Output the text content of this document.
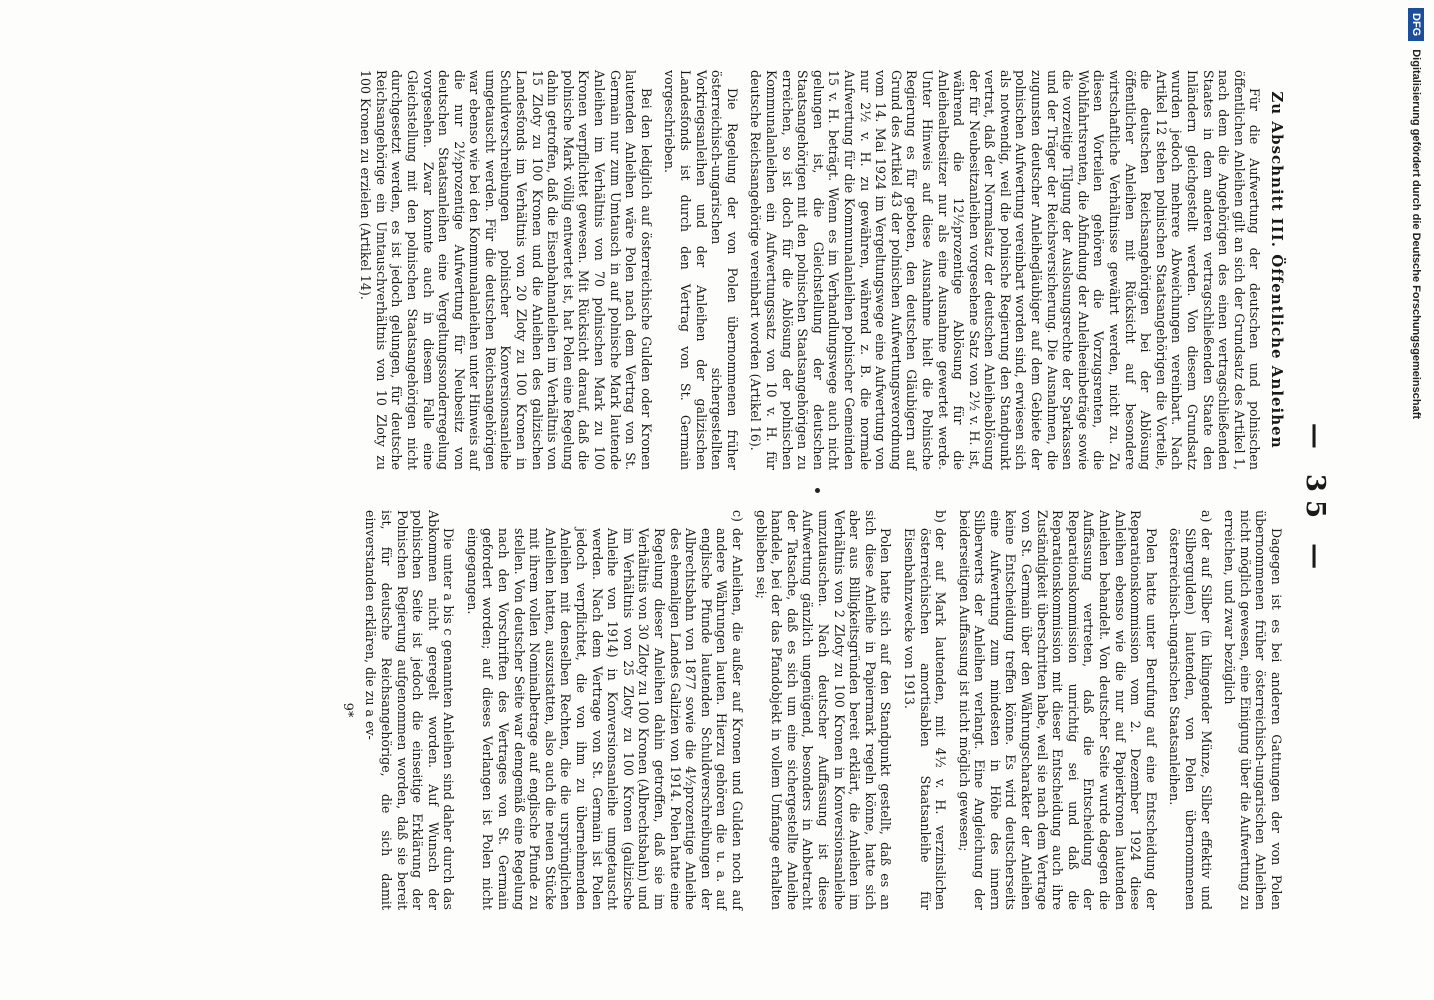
— 35 —
Zu Abschnitt III. Öffentliche Anleihen

Für die Aufwertung der deutschen und polnischen öffentlichen Anleihen gilt an sich der Grundsatz des Artikel 1, nach dem die Angehörigen des einen vertragschließenden Staates in dem anderen vertragschließenden Staate den Inländern gleichgestellt werden. Von diesem Grundsatz wurden jedoch mehrere Abweichungen vereinbart. Nach Artikel 12 stehen polnischen Staatsangehörigen die Vorteile, die deutschen Reichsangehörigen bei der Ablösung öffentlicher Anleihen mit Rücksicht auf besondere wirtschaftliche Verhältnisse gewährt werden, nicht zu. Zu diesen Vorteilen gehören die Vorzugsrenten, die Wohlfahrtsrenten, die Abfindung der Anleiheeinbeträge sowie die vorzeitige Tilgung der Auslosungsrechte der Sparkassen und der Träger der Reichsversicherung. Die Ausnahmen, die zugunsten deutscher Anleihegläubiger auf dem Gebiete der polnischen Aufwertung vereinbart worden sind, erwiesen sich als notwendig, weil die polnische Regierung den Standpunkt vertrat, daß der Normalsatz der deutschen Anleiheablösung der für Neubesitzanleihen vorgesehene Satz von 2½ v. H. ist, während die 12½prozentige Ablösung für die Anleihealtbesitzer nur als eine Ausnahme gewertet werde. Unter Hinweis auf diese Ausnahme hielt die Polnische Regierung es für geboten, den deutschen Gläubigern auf Grund des Artikel 43 der polnischen Aufwertungsverordnung vom 14. Mai 1924 im Vergeltungswege eine Aufwertung von nur 2½ v. H. zu gewähren, während z. B. die normale Aufwertung für die Kommunalanleihen polnischer Gemeinden 15 v. H. beträgt. Wenn es im Verhandlungswege auch nicht gelungen ist, die Gleichstellung der deutschen Staatsangehörigen mit den polnischen Staatsangehörigen zu erreichen, so ist doch für die Ablösung der polnischen Kommunalanleihen ein Aufwertungssatz von 10 v. H. für deutsche Reichsangehörige vereinbart worden (Artikel 16).

Die Regelung der von Polen übernommenen früher österreichisch-ungarischen sichergestellten Vorkriegsanleihen und der Anleihen der galizischen Landesfonds ist durch den Vertrag von St. Germain vorgeschrieben.

Bei den lediglich auf österreichische Gulden oder Kronen lautenden Anleihen wäre Polen nach dem Vertrag von St. Germain nur zum Umtausch in auf polnische Mark lautende Anleihen im Verhältnis von 70 polnischen Mark zu 100 Kronen verpflichtet gewesen. Mit Rücksicht darauf, daß die polnische Mark völlig entwertet ist, hat Polen eine Regelung dahin getroffen, daß die Eisenbahnanleihen im Verhältnis von 15 Zloty zu 100 Kronen und die Anleihen des galizischen Landesfonds im Verhältnis von 20 Zloty zu 100 Kronen in Schuldverschreibungen polnischer Konversionsanleihe umgetauscht werden. Für die deutschen Reichsangehörigen war ebenso wie bei den Kommunalanleihen unter Hinweis auf die nur 2½prozentige Aufwertung für Neubesitz von deutschen Staatsanleihen eine Vergeltungssonderregelung vorgesehen. Zwar konnte auch in diesem Falle eine Gleichstellung mit den polnischen Staatsangehörigen nicht durchgesetzt werden, es ist jedoch gelungen, für deutsche Reichsangehörige ein Umtauschverhältnis von 10 Zloty zu 100 Kronen zu erzielen (Artikel 14).

Dagegen ist es bei anderen Gattungen der von Polen übernommenen früher österreichisch-ungarischen Anleihen nicht möglich gewesen, eine Einigung über die Aufwertung zu erreichen, und zwar bezüglich

a)
der auf Silber (in klingender Münze, Silber effektiv und Silbergulden) lautenden, von Polen übernommenen österreichisch-ungarischen Staatsanleihen.

Polen hatte unter Berufung auf eine Entscheidung der Reparationskommission vom 2. Dezember 1924 diese Anleihen ebenso wie die nur auf Papierkronen lautenden Anleihen behandelt. Von deutscher Seite wurde dagegen die Auffassung vertreten, daß die Entscheidung der Reparationskommission unrichtig sei und daß die Reparationskommission mit dieser Entscheidung auch ihre Zuständigkeit überschritten habe, weil sie nach dem Vertrage von St. Germain über den Währungscharakter der Anleihen keine Entscheidung treffen könne. Es wird deutscherseits eine Aufwertung zum mindesten in Höhe des innern Silberwerts der Anleihen verlangt. Eine Angleichung der beiderseitigen Auffassung ist nicht möglich gewesen;

b)
der auf Mark lautenden, mit 4½ v. H. verzinslichen österreichischen amortisablen Staatsanleihe für Eisenbahnzwecke von 1913.

Polen hatte sich auf den Standpunkt gestellt, daß es an sich diese Anleihe in Papiermark regeln könne, hatte sich aber aus Billigkeitsgründen bereit erklärt, die Anleihen im Verhältnis von 2 Zloty zu 100 Kronen in Konversionsanleihe umzutauschen. Nach deutscher Auffassung ist diese Aufwertung gänzlich ungenügend, besonders in Anbetracht der Tatsache, daß es sich um eine sichergestellte Anleihe handele, bei der das Pfandobjekt in vollem Umfange erhalten geblieben sei;

c)
der Anleihen, die außer auf Kronen und Gulden noch auf andere Währungen lauten. Hierzu gehören die u. a. auf englische Pfunde lautenden Schuldverschreibungen der Albrechtsbahn von 1877 sowie die 4½prozentige Anleihe des ehemaligen Landes Galizien von 1914. Polen hatte eine Regelung dieser Anleihen dahin getroffen, daß sie im Verhältnis von 30 Zloty zu 100 Kronen (Albrechtsbahn) und im Verhältnis von 25 Zloty zu 100 Kronen (galizische Anleihe von 1914) in Konversionsanleihe umgetauscht werden. Nach dem Vertrage von St. Germain ist Polen jedoch verpflichtet, die von ihm zu übernehmenden Anleihen mit denselben Rechten, die die ursprünglichen Anleihen hatten, auszustatten, also auch die neuen Stücke mit ihrem vollen Nominalbetrage auf englische Pfunde zu stellen. Von deutscher Seite war demgemäß eine Regelung nach den Vorschriften des Vertrages von St. Germain gefordert worden; auf dieses Verlangen ist Polen nicht eingegangen.

Die unter a bis c genannten Anleihen sind daher durch das Abkommen nicht geregelt worden. Auf Wunsch der polnischen Seite ist jedoch die einseitige Erklärung der Polnischen Regierung aufgenommen worden, daß sie bereit ist, für deutsche Reichsangehörige, die sich damit einverstanden erklären, die zu a ev-

9*
DFGDigitalisierung gefördert durch die Deutsche Forschungsgemeinschaft
